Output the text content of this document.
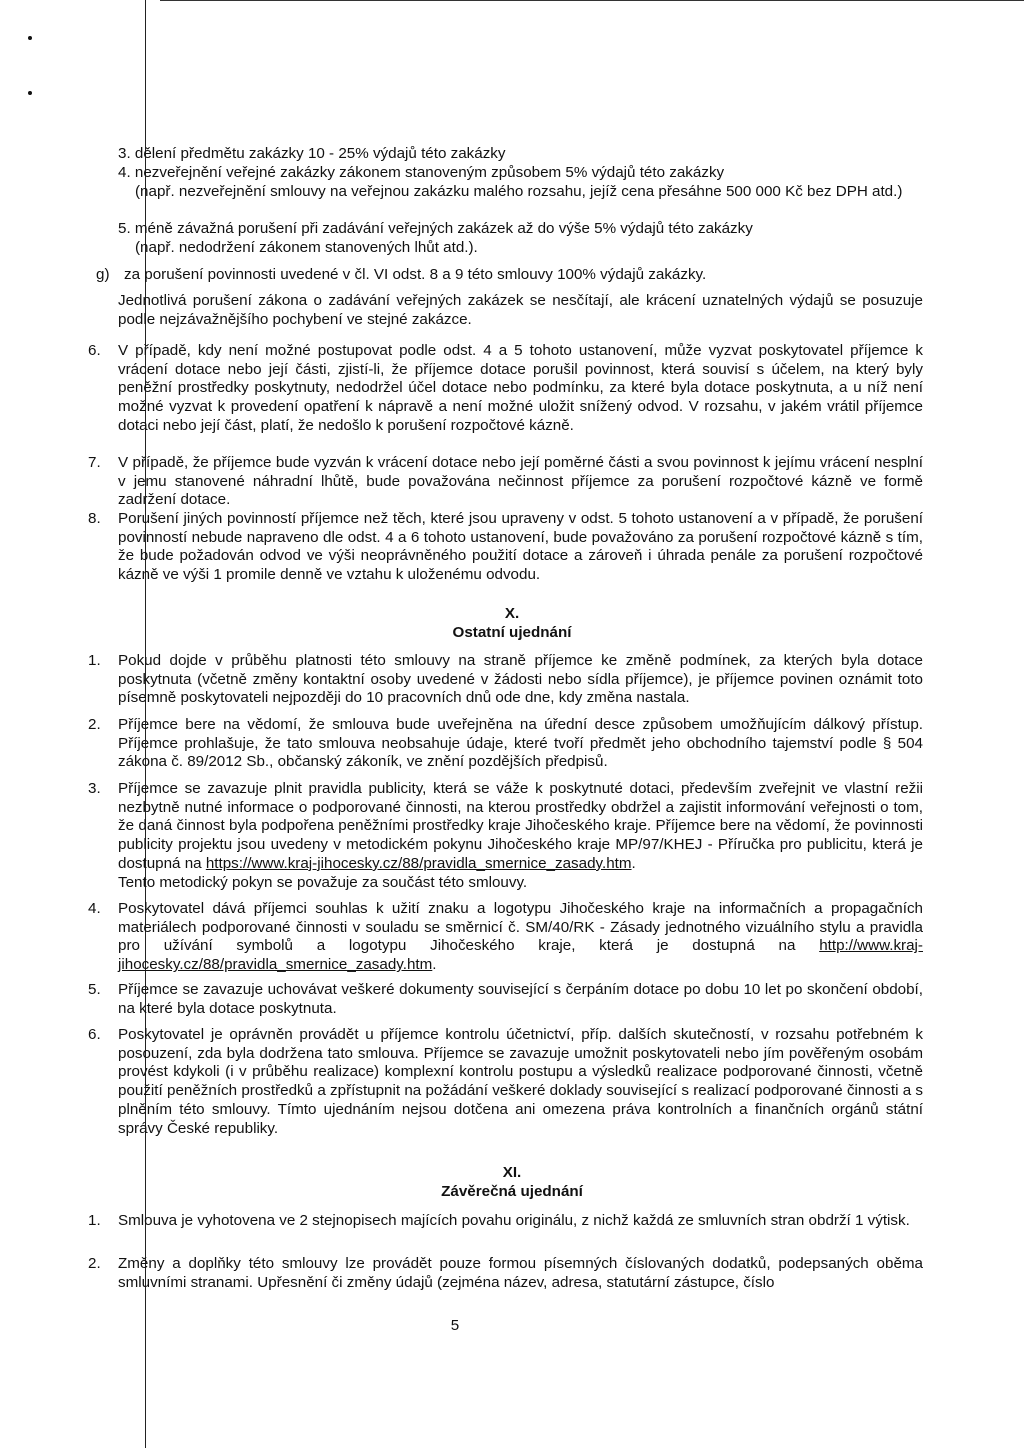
3. dělení předmětu zakázky 10 - 25% výdajů této zakázky

4. nezveřejnění veřejné zakázky zákonem stanoveným způsobem 5% výdajů této zakázky

(např. nezveřejnění smlouvy na veřejnou zakázku malého rozsahu, jejíž cena přesáhne 500 000 Kč bez DPH atd.)

5. méně závažná porušení při zadávání veřejných zakázek až do výše 5% výdajů této zakázky

(např. nedodržení zákonem stanovených lhůt atd.).

g) za porušení povinnosti uvedené v čl. VI odst. 8 a 9 této smlouvy 100% výdajů zakázky.
Jednotlivá porušení zákona o zadávání veřejných zakázek se nesčítají, ale krácení uznatelných výdajů se posuzuje podle nejzávažnějšího pochybení ve stejné zakázce.
6. V případě, kdy není možné postupovat podle odst. 4 a 5 tohoto ustanovení, může vyzvat poskytovatel příjemce k vrácení dotace nebo její části, zjistí-li, že příjemce dotace porušil povinnost, která souvisí s účelem, na který byly peněžní prostředky poskytnuty, nedodržel účel dotace nebo podmínku, za které byla dotace poskytnuta, a u níž není možné vyzvat k provedení opatření k nápravě a není možné uložit snížený odvod. V rozsahu, v jakém vrátil příjemce dotaci nebo její část, platí, že nedošlo k porušení rozpočtové kázně.
7. V případě, že příjemce bude vyzván k vrácení dotace nebo její poměrné části a svou povinnost k jejímu vrácení nesplní v jemu stanovené náhradní lhůtě, bude považována nečinnost příjemce za porušení rozpočtové kázně ve formě zadržení dotace.
8. Porušení jiných povinností příjemce než těch, které jsou upraveny v odst. 5 tohoto ustanovení a v případě, že porušení povinností nebude napraveno dle odst. 4 a 6 tohoto ustanovení, bude považováno za porušení rozpočtové kázně s tím, že bude požadován odvod ve výši neoprávněného použití dotace a zároveň i úhrada penále za porušení rozpočtové kázně ve výši 1 promile denně ve vztahu k uloženému odvodu.
X.
Ostatní ujednání
1. Pokud dojde v průběhu platnosti této smlouvy na straně příjemce ke změně podmínek, za kterých byla dotace poskytnuta (včetně změny kontaktní osoby uvedené v žádosti nebo sídla příjemce), je příjemce povinen oznámit toto písemně poskytovateli nejpozději do 10 pracovních dnů ode dne, kdy změna nastala.
2. Příjemce bere na vědomí, že smlouva bude uveřejněna na úřední desce způsobem umožňujícím dálkový přístup. Příjemce prohlašuje, že tato smlouva neobsahuje údaje, které tvoří předmět jeho obchodního tajemství podle § 504 zákona č. 89/2012 Sb., občanský zákoník, ve znění pozdějších předpisů.
3. Příjemce se zavazuje plnit pravidla publicity, která se váže k poskytnuté dotaci, především zveřejnit ve vlastní režii nezbytně nutné informace o podporované činnosti, na kterou prostředky obdržel a zajistit informování veřejnosti o tom, že daná činnost byla podpořena peněžními prostředky kraje Jihočeského kraje. Příjemce bere na vědomí, že povinnosti publicity projektu jsou uvedeny v metodickém pokynu Jihočeského kraje MP/97/KHEJ - Příručka pro publicitu, která je dostupná na https://www.kraj-jihocesky.cz/88/pravidla_smernice_zasady.htm.

Tento metodický pokyn se považuje za součást této smlouvy.

4. Poskytovatel dává příjemci souhlas k užití znaku a logotypu Jihočeského kraje na informačních a propagačních materiálech podporované činnosti v souladu se směrnicí č. SM/40/RK - Zásady jednotného vizuálního stylu a pravidla pro užívání symbolů a logotypu Jihočeského kraje, která je dostupná na http://www.kraj-jihocesky.cz/88/pravidla_smernice_zasady.htm.
5. Příjemce se zavazuje uchovávat veškeré dokumenty související s čerpáním dotace po dobu 10 let po skončení období, na které byla dotace poskytnuta.
6. Poskytovatel je oprávněn provádět u příjemce kontrolu účetnictví, příp. dalších skutečností, v rozsahu potřebném k posouzení, zda byla dodržena tato smlouva. Příjemce se zavazuje umožnit poskytovateli nebo jím pověřeným osobám provést kdykoli (i v průběhu realizace) komplexní kontrolu postupu a výsledků realizace podporované činnosti, včetně použití peněžních prostředků a zpřístupnit na požádání veškeré doklady související s realizací podporované činnosti a s plněním této smlouvy. Tímto ujednáním nejsou dotčena ani omezena práva kontrolních a finančních orgánů státní správy České republiky.
XI.
Závěrečná ujednání
1. Smlouva je vyhotovena ve 2 stejnopisech majících povahu originálu, z nichž každá ze smluvních stran obdrží 1 výtisk.
2. Změny a doplňky této smlouvy lze provádět pouze formou písemných číslovaných dodatků, podepsaných oběma smluvními stranami. Upřesnění či změny údajů (zejména název, adresa, statutární zástupce, číslo
5
